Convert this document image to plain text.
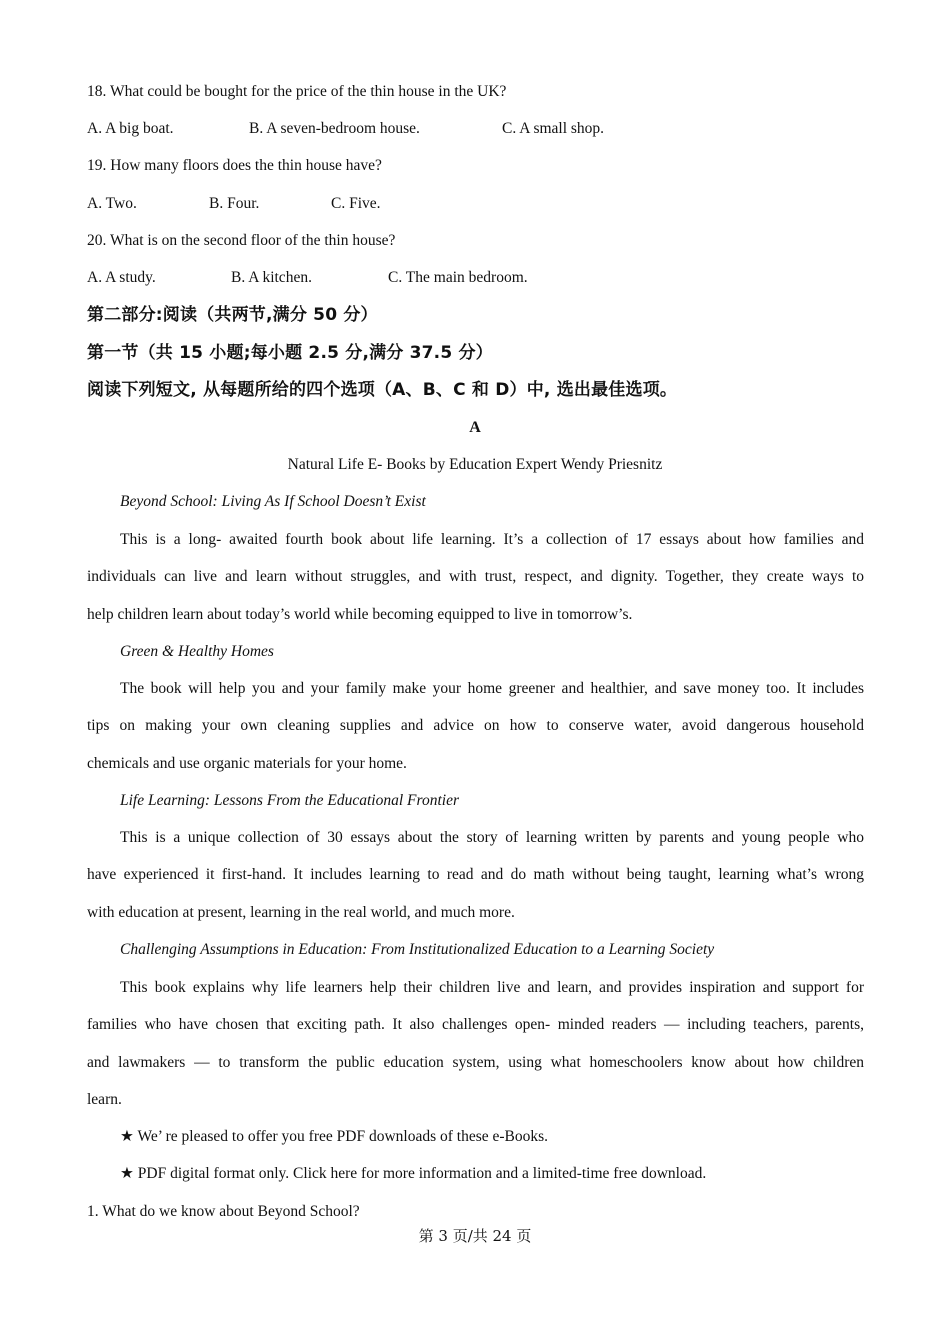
18. What could be bought for the price of the thin house in the UK?
A. A big boat.	B. A seven-bedroom house.	C. A small shop.
19. How many floors does the thin house have?
A. Two.	B. Four.	C. Five.
20. What is on the second floor of the thin house?
A. A study.	B. A kitchen.	C. The main bedroom.
第二部分:阅读（共两节,满分 50 分）
第一节（共 15 小题;每小题 2.5 分,满分 37.5 分）
阅读下列短文, 从每题所给的四个选项（A、B、C 和 D）中, 选出最佳选项。
A
Natural Life E- Books by Education Expert Wendy Priesnitz
Beyond School: Living As If School Doesn’t Exist
This is a long- awaited fourth book about life learning. It’s a collection of 17 essays about how families and
individuals can live and learn without struggles, and with trust, respect, and dignity. Together, they create ways to
help children learn about today’s world while becoming equipped to live in tomorrow’s.
Green & Healthy Homes
The book will help you and your family make your home greener and healthier, and save money too. It includes
tips on making your own cleaning supplies and advice on how to conserve water, avoid dangerous household
chemicals and use organic materials for your home.
Life Learning: Lessons From the Educational Frontier
This is a unique collection of 30 essays about the story of learning written by parents and young people who
have experienced it first-hand. It includes learning to read and do math without being taught, learning what’s wrong
with education at present, learning in the real world, and much more.
Challenging Assumptions in Education: From Institutionalized Education to a Learning Society
This book explains why life learners help their children live and learn, and provides inspiration and support for
families who have chosen that exciting path. It also challenges open- minded readers — including teachers, parents,
and lawmakers — to transform the public education system, using what homeschoolers know about how children
learn.
★ We’ re pleased to offer you free PDF downloads of these e-Books.
★ PDF digital format only. Click here for more information and a limited-time free download.
1. What do we know about Beyond School?
第 3 页/共 24 页
